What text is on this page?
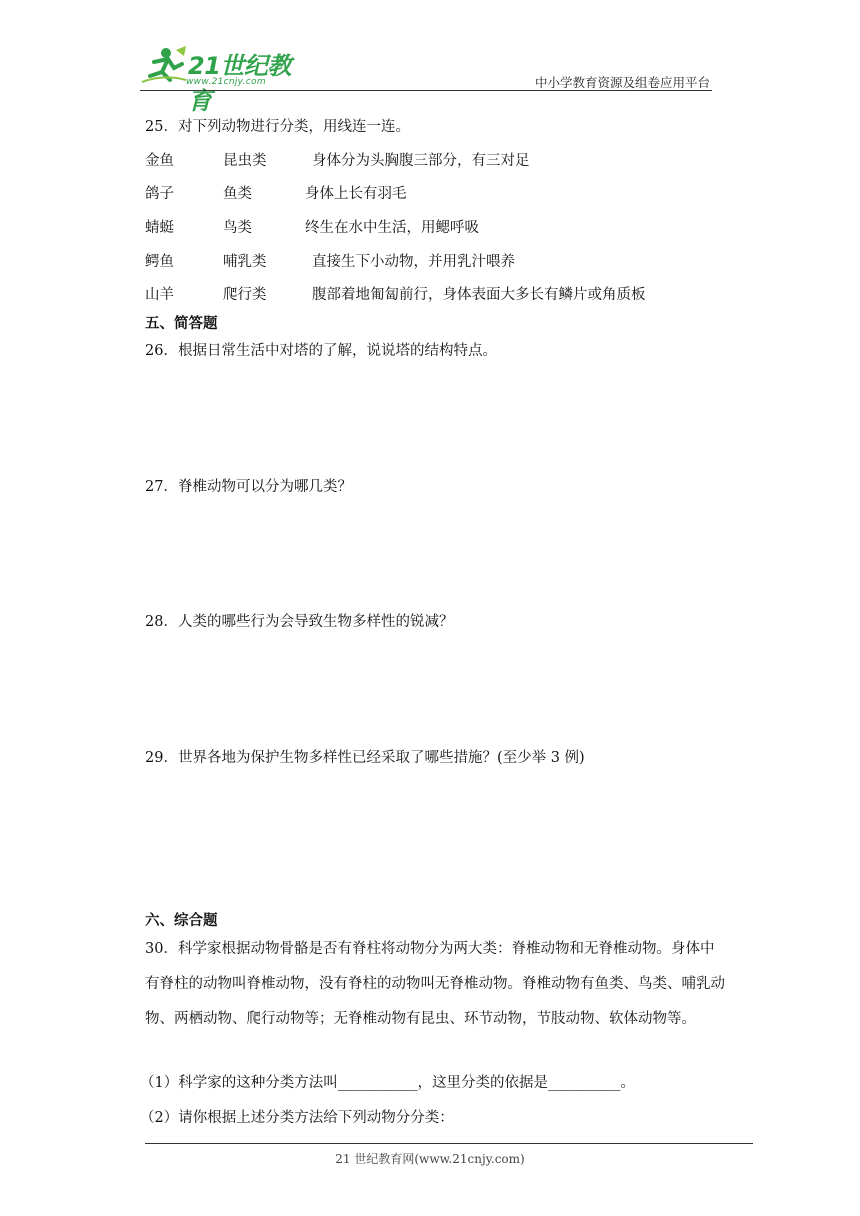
21世纪教育
www.21cnjy.com	中小学教育资源及组卷应用平台
25．对下列动物进行分类，用线连一连。
金鱼	昆虫类	身体分为头胸腹三部分，有三对足
鸽子	鱼类	身体上长有羽毛
蜻蜓	鸟类	终生在水中生活，用鳃呼吸
鳄鱼	哺乳类	直接生下小动物，并用乳汁喂养
山羊	爬行类	腹部着地匍匐前行，身体表面大多长有鳞片或角质板
五、简答题
26．根据日常生活中对塔的了解，说说塔的结构特点。
27．脊椎动物可以分为哪几类？
28．人类的哪些行为会导致生物多样性的锐减？
29．世界各地为保护生物多样性已经采取了哪些措施？(至少举 3 例)
六、综合题
30．科学家根据动物骨骼是否有脊柱将动物分为两大类：脊椎动物和无脊椎动物。身体中有脊柱的动物叫脊椎动物，没有脊柱的动物叫无脊椎动物。脊椎动物有鱼类、鸟类、哺乳动物、两栖动物、爬行动物等；无脊椎动物有昆虫、环节动物，节肢动物、软体动物等。
（1）科学家的这种分类方法叫___________，这里分类的依据是__________。
（2）请你根据上述分类方法给下列动物分分类：
21 世纪教育网(www.21cnjy.com)
